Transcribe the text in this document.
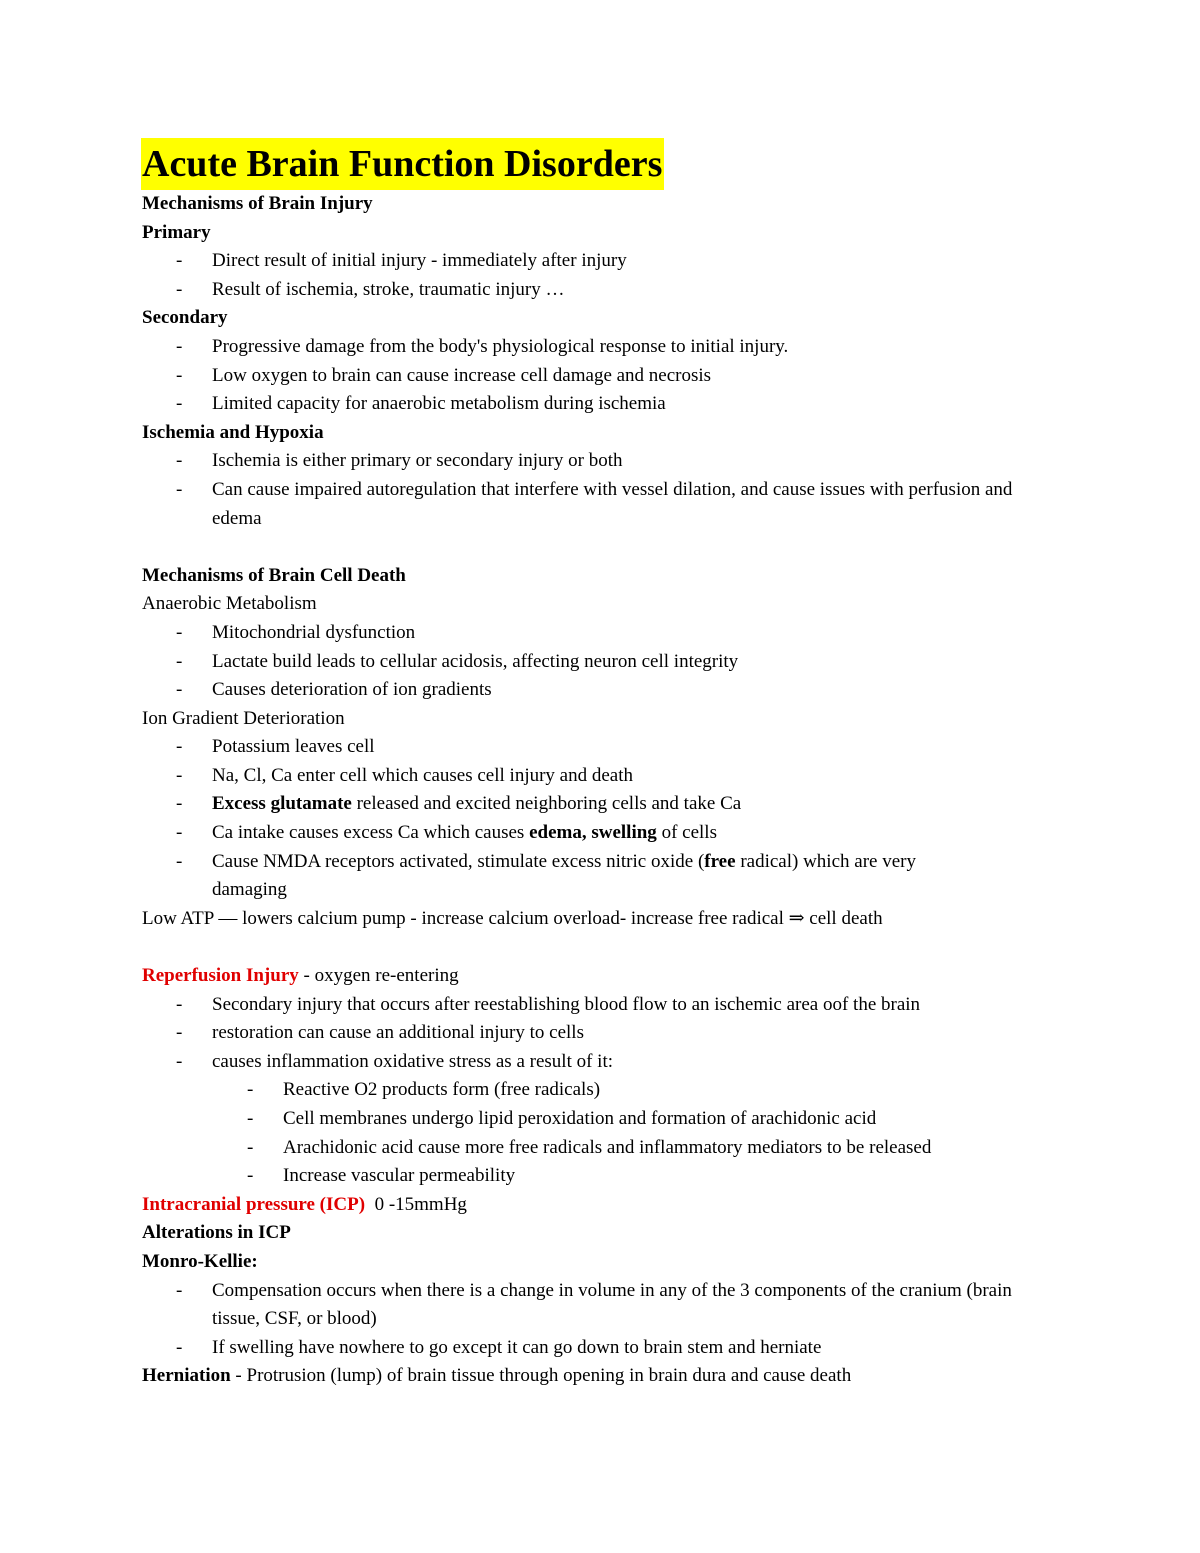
Acute Brain Function Disorders
Mechanisms of Brain Injury
Primary
-	Direct result of initial injury - immediately after injury
-	Result of ischemia, stroke, traumatic injury …
Secondary
-	Progressive damage from the body's physiological response to initial injury.
-	Low oxygen to brain can cause increase cell damage and necrosis
-	Limited capacity for anaerobic metabolism during ischemia
Ischemia and Hypoxia
-	Ischemia is either primary or secondary injury or both
-	Can cause impaired autoregulation that interfere with vessel dilation, and cause issues with perfusion and edema
Mechanisms of Brain Cell Death
Anaerobic Metabolism
-	Mitochondrial dysfunction
-	Lactate build leads to cellular acidosis, affecting neuron cell integrity
-	Causes deterioration of ion gradients
Ion Gradient Deterioration
-	Potassium leaves cell
-	Na, Cl, Ca enter cell which causes cell injury and death
-	Excess glutamate released and excited neighboring cells and take Ca
-	Ca intake causes excess Ca which causes edema, swelling of cells
-	Cause NMDA receptors activated, stimulate excess nitric oxide (free radical) which are very
damaging
Low ATP — lowers calcium pump - increase calcium overload- increase free radical ⇒ cell death
Reperfusion Injury - oxygen re-entering
-	Secondary injury that occurs after reestablishing blood flow to an ischemic area oof the brain
-	restoration can cause an additional injury to cells
-	causes inflammation oxidative stress as a result of it:
-	Reactive O2 products form (free radicals)
-	Cell membranes undergo lipid peroxidation and formation of arachidonic acid
-	Arachidonic acid cause more free radicals and inflammatory mediators to be released
-	Increase vascular permeability
Intracranial pressure (ICP)  0 -15mmHg
Alterations in ICP
Monro-Kellie:
-	Compensation occurs when there is a change in volume in any of the 3 components of the cranium (brain tissue, CSF, or blood)
-	If swelling have nowhere to go except it can go down to brain stem and herniate
Herniation - Protrusion (lump) of brain tissue through opening in brain dura and cause death
